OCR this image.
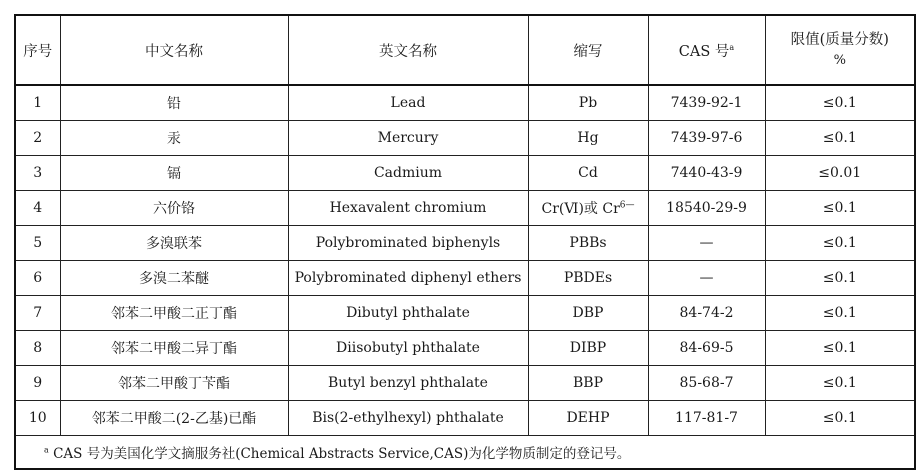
序号	中文名称	英文名称	缩写	CAS 号$^a$	限值(质量分数)
%
1	铅	Lead	Pb	7439-92-1	≤0.1
2	汞	Mercury	Hg	7439-97-6	≤0.1
3	镉	Cadmium	Cd	7440-43-9	≤0.01
4	六价铬	Hexavalent chromium	Cr(Ⅵ)或 $Cr^{6—}$	18540-29-9	≤0.1
5	多溴联苯	Polybrominated biphenyls	PBBs	—	≤0.1
6	多溴二苯醚	Polybrominated diphenyl ethers	PBDEs	—	≤0.1
7	邻苯二甲酸二正丁酯	Dibutyl phthalate	DBP	84-74-2	≤0.1
8	邻苯二甲酸二异丁酯	Diisobutyl phthalate	DIBP	84-69-5	≤0.1
9	邻苯二甲酸丁苄酯	Butyl benzyl phthalate	BBP	85-68-7	≤0.1
10	邻苯二甲酸二(2-乙基)已酯	Bis(2-ethylhexyl) phthalate	DEHP	117-81-7	≤0.1
$^a$ CAS 号为美国化学文摘服务社(Chemical Abstracts Service,CAS)为化学物质制定的登记号。					
